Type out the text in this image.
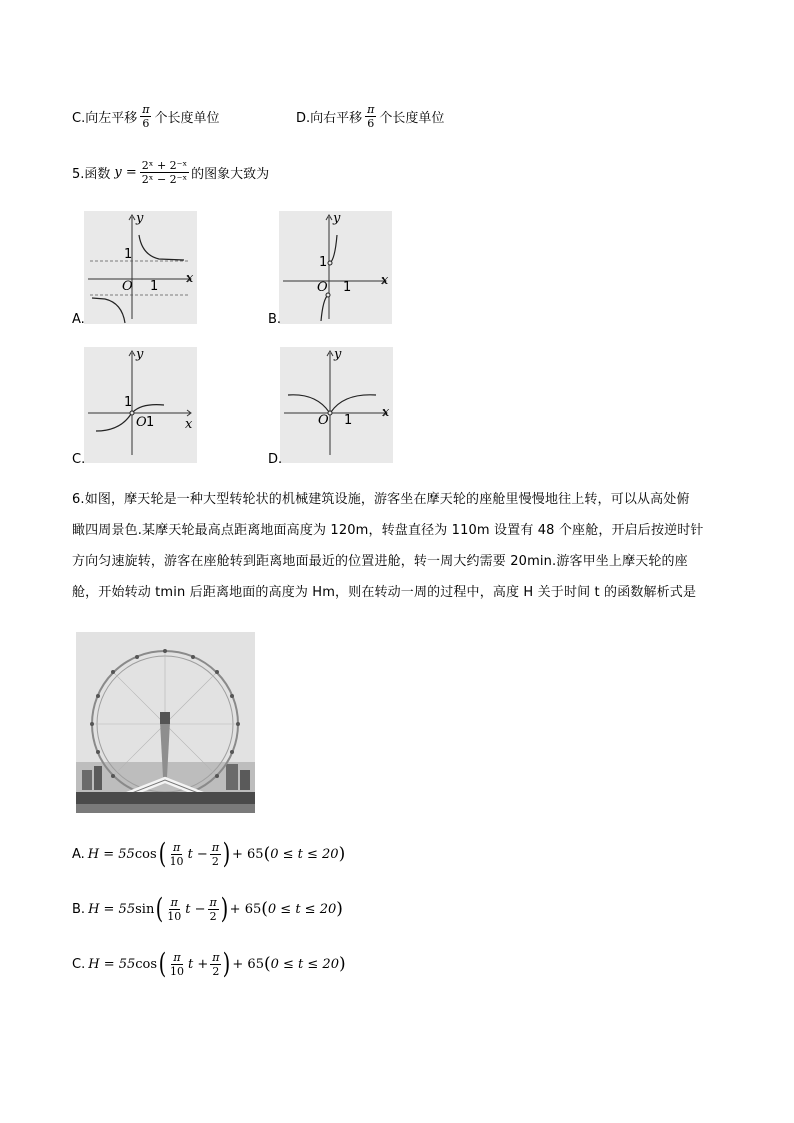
C.向左平移 $\frac{\pi}{6}$ 个长度单位	D.向右平移 $\frac{\pi}{6}$ 个长度单位
5.函数 $y = \frac{\text{2ˣ + 2⁻ˣ}}{\text{2ˣ − 2⁻ˣ}}$ 的图象大致为
y
x
O 1
1
A.
y
x
O 1
1
B.
y
x
O 1
1
C.
y
x
O 1
D.
6.如图，摩天轮是一种大型转轮状的机械建筑设施，游客坐在摩天轮的座舱里慢慢地往上转，可以从高处俯
瞰四周景色.某摩天轮最高点距离地面高度为 120m，转盘直径为 110m 设置有 48 个座舱，开启后按逆时针
方向匀速旋转，游客在座舱转到距离地面最近的位置进舱，转一周大约需要 20min.游客甲坐上摩天轮的座
舱，开始转动 tmin 后距离地面的高度为 Hm，则在转动一周的过程中，高度 H 关于时间 t 的函数解析式是
A. H = 55 cos ( $\frac{\pi}{10}$ $t - \frac{\pi}{2}$ ) + 65 ( 0 ≤ t ≤ 20 )
B. H = 55 sin ( $\frac{\pi}{10}$ $t - \frac{\pi}{2}$ ) + 65 ( 0 ≤ t ≤ 20 )
C. H = 55 cos ( $\frac{\pi}{10}$ $t + \frac{\pi}{2}$ ) + 65 ( 0 ≤ t ≤ 20 )
